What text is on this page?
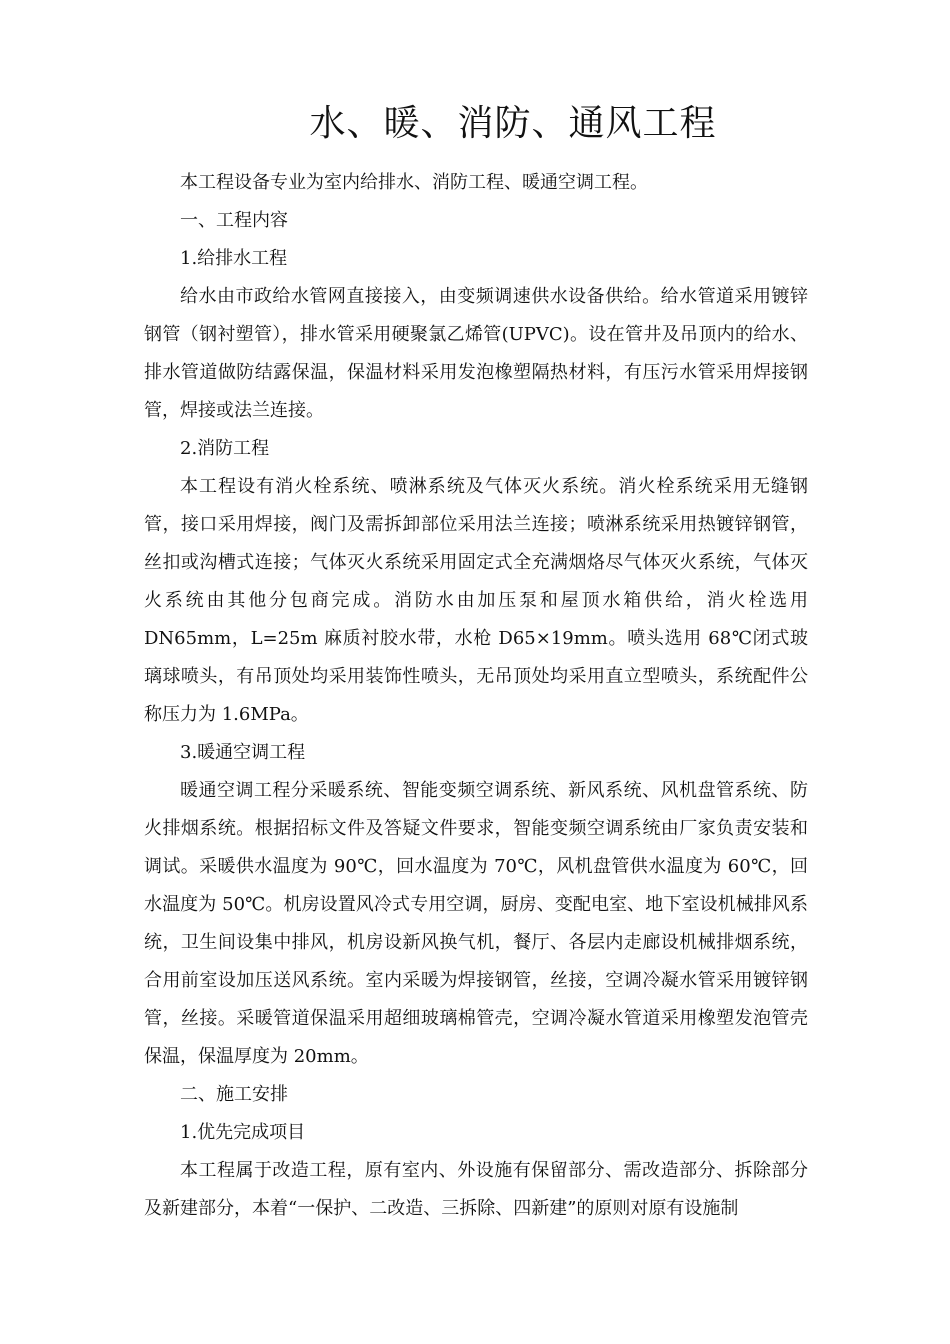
水、暖、消防、通风工程

本工程设备专业为室内给排水、消防工程、暖通空调工程。

一、工程内容

1.给排水工程

给水由市政给水管网直接接入，由变频调速供水设备供给。给水管道采用镀锌钢管（钢衬塑管），排水管采用硬聚氯乙烯管(UPVC)。设在管井及吊顶内的给水、排水管道做防结露保温，保温材料采用发泡橡塑隔热材料，有压污水管采用焊接钢管，焊接或法兰连接。

2.消防工程

本工程设有消火栓系统、喷淋系统及气体灭火系统。消火栓系统采用无缝钢管，接口采用焊接，阀门及需拆卸部位采用法兰连接；喷淋系统采用热镀锌钢管，丝扣或沟槽式连接；气体灭火系统采用固定式全充满烟烙尽气体灭火系统，气体灭火系统由其他分包商完成。消防水由加压泵和屋顶水箱供给，消火栓选用DN65mm，L=25m 麻质衬胶水带，水枪 D65×19mm。喷头选用 68℃闭式玻璃球喷头，有吊顶处均采用装饰性喷头，无吊顶处均采用直立型喷头，系统配件公称压力为 1.6MPa。

3.暖通空调工程

暖通空调工程分采暖系统、智能变频空调系统、新风系统、风机盘管系统、防火排烟系统。根据招标文件及答疑文件要求，智能变频空调系统由厂家负责安装和调试。采暖供水温度为 90℃，回水温度为 70℃，风机盘管供水温度为 60℃，回水温度为 50℃。机房设置风冷式专用空调，厨房、变配电室、地下室设机械排风系统，卫生间设集中排风，机房设新风换气机，餐厅、各层内走廊设机械排烟系统，合用前室设加压送风系统。室内采暖为焊接钢管，丝接，空调冷凝水管采用镀锌钢管，丝接。采暖管道保温采用超细玻璃棉管壳，空调冷凝水管道采用橡塑发泡管壳保温，保温厚度为 20mm。

二、施工安排

1.优先完成项目

本工程属于改造工程，原有室内、外设施有保留部分、需改造部分、拆除部分及新建部分，本着“一保护、二改造、三拆除、四新建”的原则对原有设施制
